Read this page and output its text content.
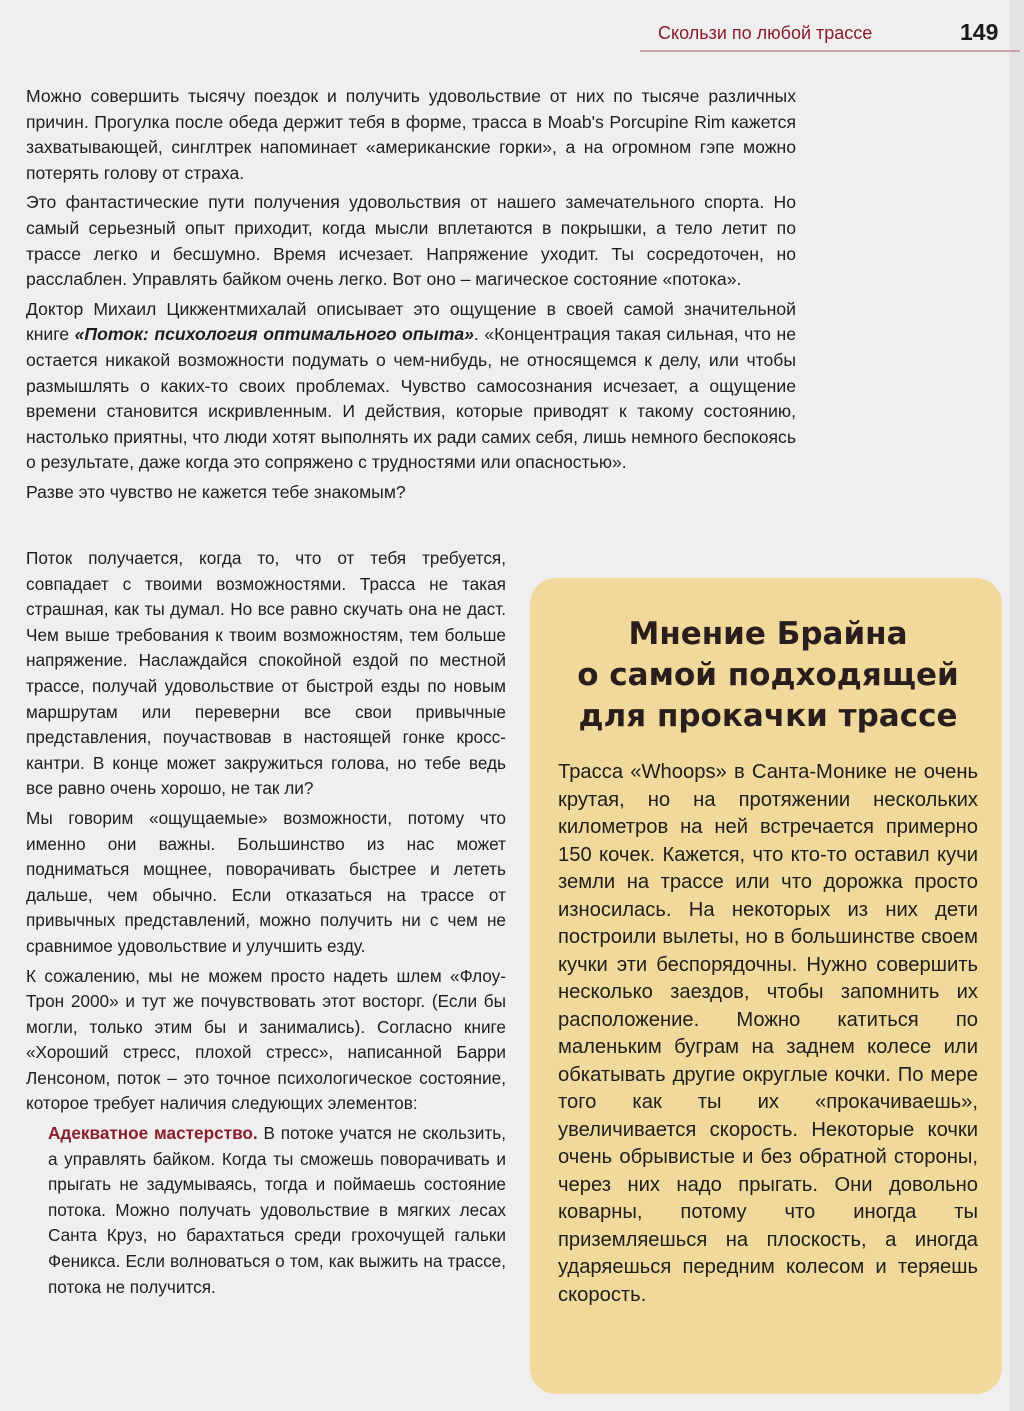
Скользи по любой трассе	149

Можно совершить тысячу поездок и получить удовольствие от них по тысяче различных причин. Прогулка после обеда держит тебя в форме, трасса в Moab's Porcupine Rim кажется захватывающей, синглтрек напоминает «американские горки», а на огромном гэпе можно потерять голову от страха.

Это фантастические пути получения удовольствия от нашего замечательного спорта. Но самый серьезный опыт приходит, когда мысли вплетаются в покрышки, а тело летит по трассе легко и бесшумно. Время исчезает. Напряжение уходит. Ты сосредоточен, но расслаблен. Управлять байком очень легко. Вот оно – магическое состояние «потока».

Доктор Михаил Цикжентмихалай описывает это ощущение в своей самой значительной книге «Поток: психология оптимального опыта». «Концентрация такая сильная, что не остается никакой возможности подумать о чем-нибудь, не относящемся к делу, или чтобы размышлять о каких-то своих проблемах. Чувство самосознания исчезает, а ощущение времени становится искривленным. И действия, которые приводят к такому состоянию, настолько приятны, что люди хотят выполнять их ради самих себя, лишь немного беспокоясь о результате, даже когда это сопряжено с трудностями или опасностью».

Разве это чувство не кажется тебе знакомым?

Поток получается, когда то, что от тебя требуется, совпадает с твоими возможностями. Трасса не такая страшная, как ты думал. Но все равно скучать она не даст. Чем выше требования к твоим возможностям, тем больше напряжение. Наслаждайся спокойной ездой по местной трассе, получай удовольствие от быстрой езды по новым маршрутам или переверни все свои привычные представления, поучаствовав в настоящей гонке кросс-кантри. В конце может закружиться голова, но тебе ведь все равно очень хорошо, не так ли?

Мы говорим «ощущаемые» возможности, потому что именно они важны. Большинство из нас может подниматься мощнее, поворачивать быстрее и лететь дальше, чем обычно. Если отказаться на трассе от привычных представлений, можно получить ни с чем не сравнимое удовольствие и улучшить езду.

К сожалению, мы не можем просто надеть шлем «Флоу-Трон 2000» и тут же почувствовать этот восторг. (Если бы могли, только этим бы и занимались). Согласно книге «Хороший стресс, плохой стресс», написанной Барри Ленсоном, поток – это точное психологическое состояние, которое требует наличия следующих элементов:

Адекватное мастерство. В потоке учатся не скользить, а управлять байком. Когда ты сможешь поворачивать и прыгать не задумываясь, тогда и поймаешь состояние потока. Можно получать удовольствие в мягких лесах Санта Круз, но барахтаться среди грохочущей гальки Феникса. Если волноваться о том, как выжить на трассе, потока не получится.

Мнение Брайна
о самой подходящей
для прокачки трассе

Трасса «Whoops» в Санта-Монике не очень крутая, но на протяжении нескольких километров на ней встречается примерно 150 кочек. Кажется, что кто-то оставил кучи земли на трассе или что дорожка просто износилась. На некоторых из них дети построили вылеты, но в большинстве своем кучки эти беспорядочны. Нужно совершить несколько заездов, чтобы запомнить их расположение. Можно катиться по маленьким буграм на заднем колесе или обкатывать другие округлые кочки. По мере того как ты их «прокачиваешь», увеличивается скорость. Некоторые кочки очень обрывистые и без обратной стороны, через них надо прыгать. Они довольно коварны, потому что иногда ты приземляешься на плоскость, а иногда ударяешься передним колесом и теряешь скорость.
